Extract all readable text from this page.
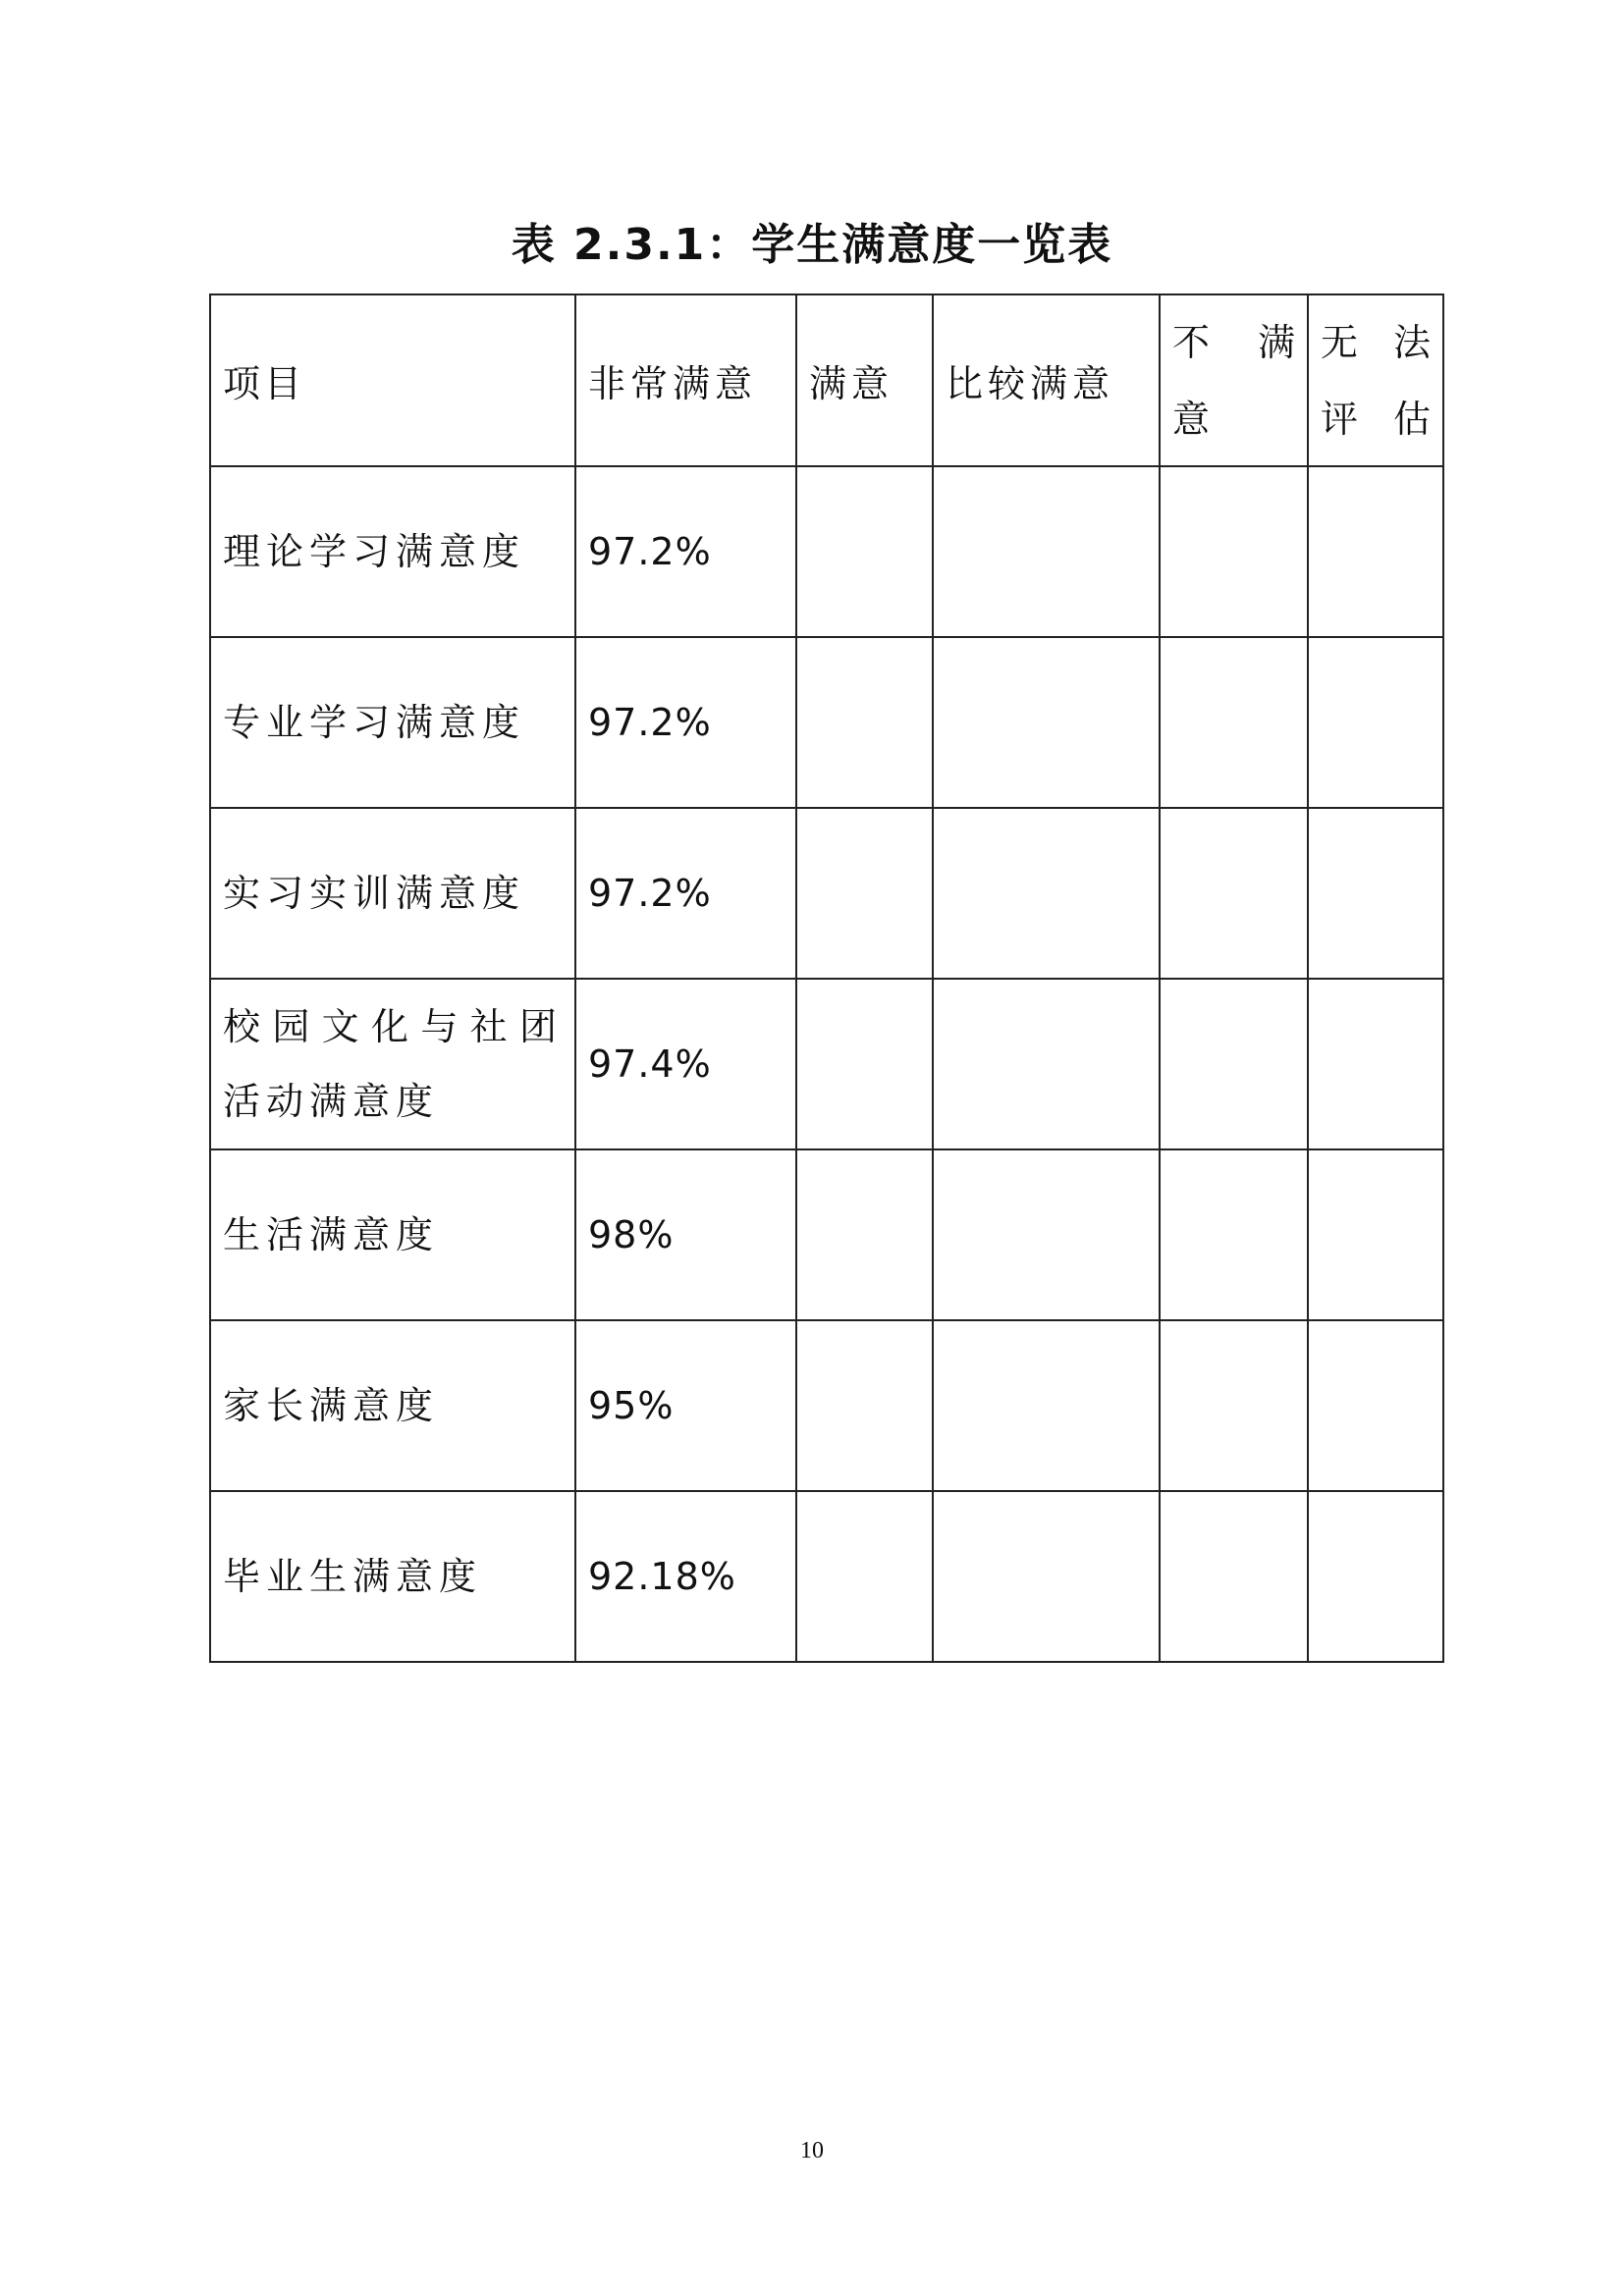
表 2.3.1：学生满意度一览表
项目	非常满意	满意	比较满意	不 满 意	无 法 评估
理论学习满意度	97.2%				
专业学习满意度	97.2%				
实习实训满意度	97.2%				
校园文化与社团活动满意度	97.4%				
生活满意度	98%				
家长满意度	95%				
毕业生满意度	92.18%				
10
